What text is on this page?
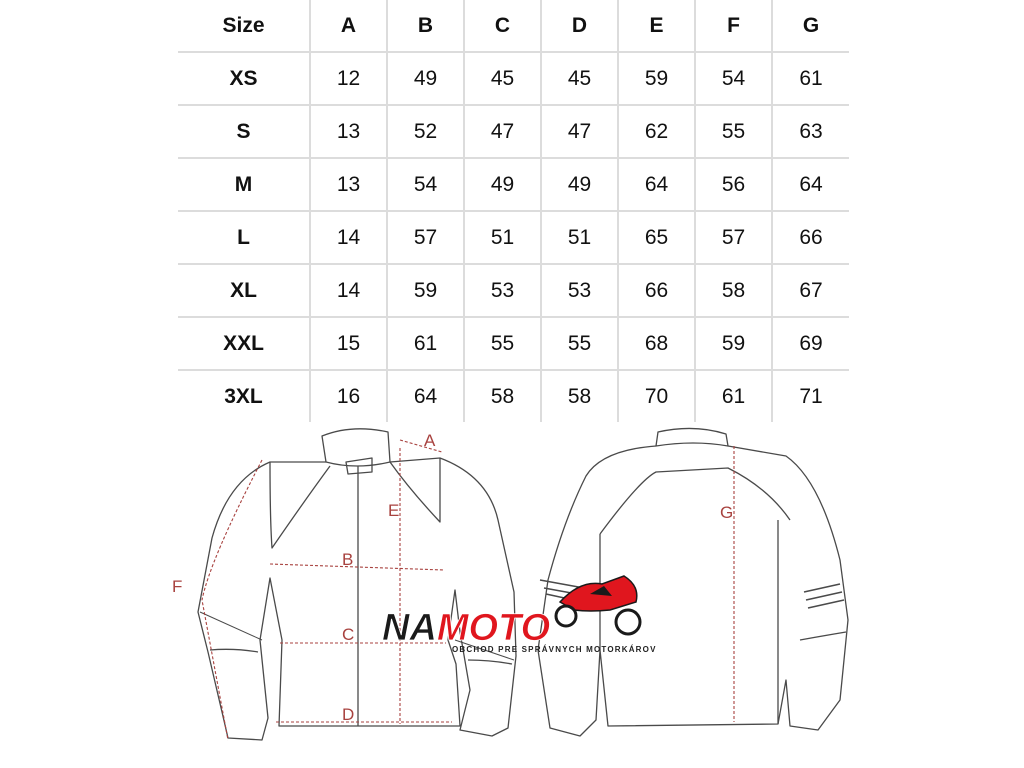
Size	A	B	C	D	E	F	G
XS	12	49	45	45	59	54	61
S	13	52	47	47	62	55	63
M	13	54	49	49	64	56	64
L	14	57	51	51	65	57	66
XL	14	59	53	53	66	58	67
XXL	15	61	55	55	68	59	69
3XL	16	64	58	58	70	61	71
A
B
C
D
E
F
G
NAMOTO
OBCHOD PRE SPRÁVNYCH MOTORKÁROV
